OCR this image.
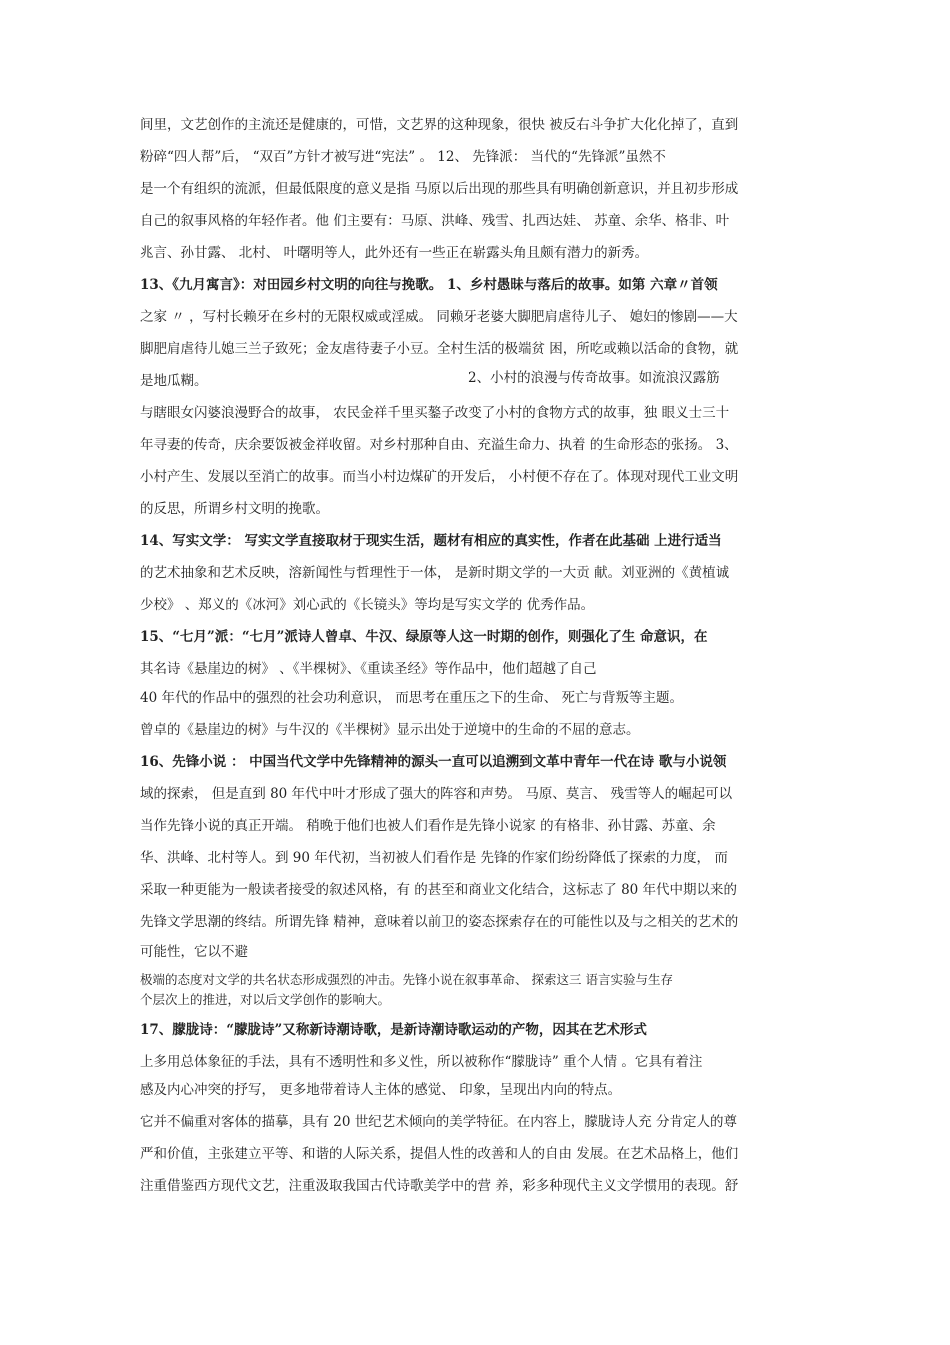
间里，文艺创作的主流还是健康的，可惜，文艺界的这种现象，很快 被反右斗争扩大化化掉了，直到
粉碎“四人帮”后， “双百”方针才被写进“宪法” 。 12、 先锋派： 当代的“先锋派”虽然不
是一个有组织的流派，但最低限度的意义是指 马原以后出现的那些具有明确创新意识，并且初步形成
自己的叙事风格的年轻作者。他 们主要有：马原、洪峰、残雪、扎西达娃、 苏童、余华、格非、叶
兆言、孙甘露、 北村、 叶曙明等人，此外还有一些正在崭露头角且颇有潜力的新秀。
13、《九月寓言》：对田园乡村文明的向往与挽歌。 1、乡村愚昧与落后的故事。如第 六章〃首领
之家 〃 ，写村长赖牙在乡村的无限权威或淫威。 同赖牙老婆大脚肥肩虐待儿子、 媳妇的惨剧——大
脚肥肩虐待儿媳三兰子致死；金友虐待妻子小豆。全村生活的极端贫 困，所吃或赖以活命的食物，就
是地瓜糊。	2、小村的浪漫与传奇故事。如流浪汉露筋
与瞎眼女闪婆浪漫野合的故事， 农民金祥千里买鏊子改变了小村的食物方式的故事，独 眼义士三十
年寻妻的传奇，庆余要饭被金祥收留。对乡村那种自由、充溢生命力、执着 的生命形态的张扬。 3、
小村产生、发展以至消亡的故事。而当小村边煤矿的开发后， 小村便不存在了。体现对现代工业文明
的反思，所谓乡村文明的挽歌。
14、写实文学： 写实文学直接取材于现实生活，题材有相应的真实性，作者在此基础 上进行适当
的艺术抽象和艺术反映，溶新闻性与哲理性于一体， 是新时期文学的一大贡 献。刘亚洲的《黄植诚
少校》 、郑义的《冰河》刘心武的《长镜头》等均是写实文学的 优秀作品。
15、“七月”派：“七月”派诗人曾卓、牛汉、绿原等人这一时期的创作，则强化了生 命意识，在
其名诗《悬崖边的树》 、《半棵树》、《重读圣经》等作品中，他们超越了自己
40 年代的作品中的强烈的社会功利意识， 而思考在重压之下的生命、 死亡与背叛等主题。
曾卓的《悬崖边的树》与牛汉的《半棵树》显示出处于逆境中的生命的不屈的意志。
16、先锋小说 ： 中国当代文学中先锋精神的源头一直可以追溯到文革中青年一代在诗 歌与小说领
域的探索， 但是直到 80 年代中叶才形成了强大的阵容和声势。 马原、莫言、 残雪等人的崛起可以
当作先锋小说的真正开端。 稍晚于他们也被人们看作是先锋小说家 的有格非、孙甘露、苏童、余
华、洪峰、北村等人。到 90 年代初，当初被人们看作是 先锋的作家们纷纷降低了探索的力度， 而
采取一种更能为一般读者接受的叙述风格，有 的甚至和商业文化结合，这标志了 80 年代中期以来的
先锋文学思潮的终结。所谓先锋 精神，意味着以前卫的姿态探索存在的可能性以及与之相关的艺术的
可能性，它以不避
极端的态度对文学的共名状态形成强烈的冲击。先锋小说在叙事革命、 探索这三 语言实验与生存
个层次上的推进，对以后文学创作的影响大。
17、朦胧诗：“朦胧诗”又称新诗潮诗歌，是新诗潮诗歌运动的产物，因其在艺术形式
上多用总体象征的手法，具有不透明性和多义性，所以被称作“朦胧诗” 重个人情 。它具有着注
感及内心冲突的抒写， 更多地带着诗人主体的感觉、 印象，呈现出内向的特点。
它并不偏重对客体的描摹，具有 20 世纪艺术倾向的美学特征。在内容上，朦胧诗人充 分肯定人的尊
严和价值，主张建立平等、和谐的人际关系，提倡人性的改善和人的自由 发展。在艺术品格上，他们
注重借鉴西方现代文艺，注重汲取我国古代诗歌美学中的营 养，彩多种现代主义文学惯用的表现。舒
